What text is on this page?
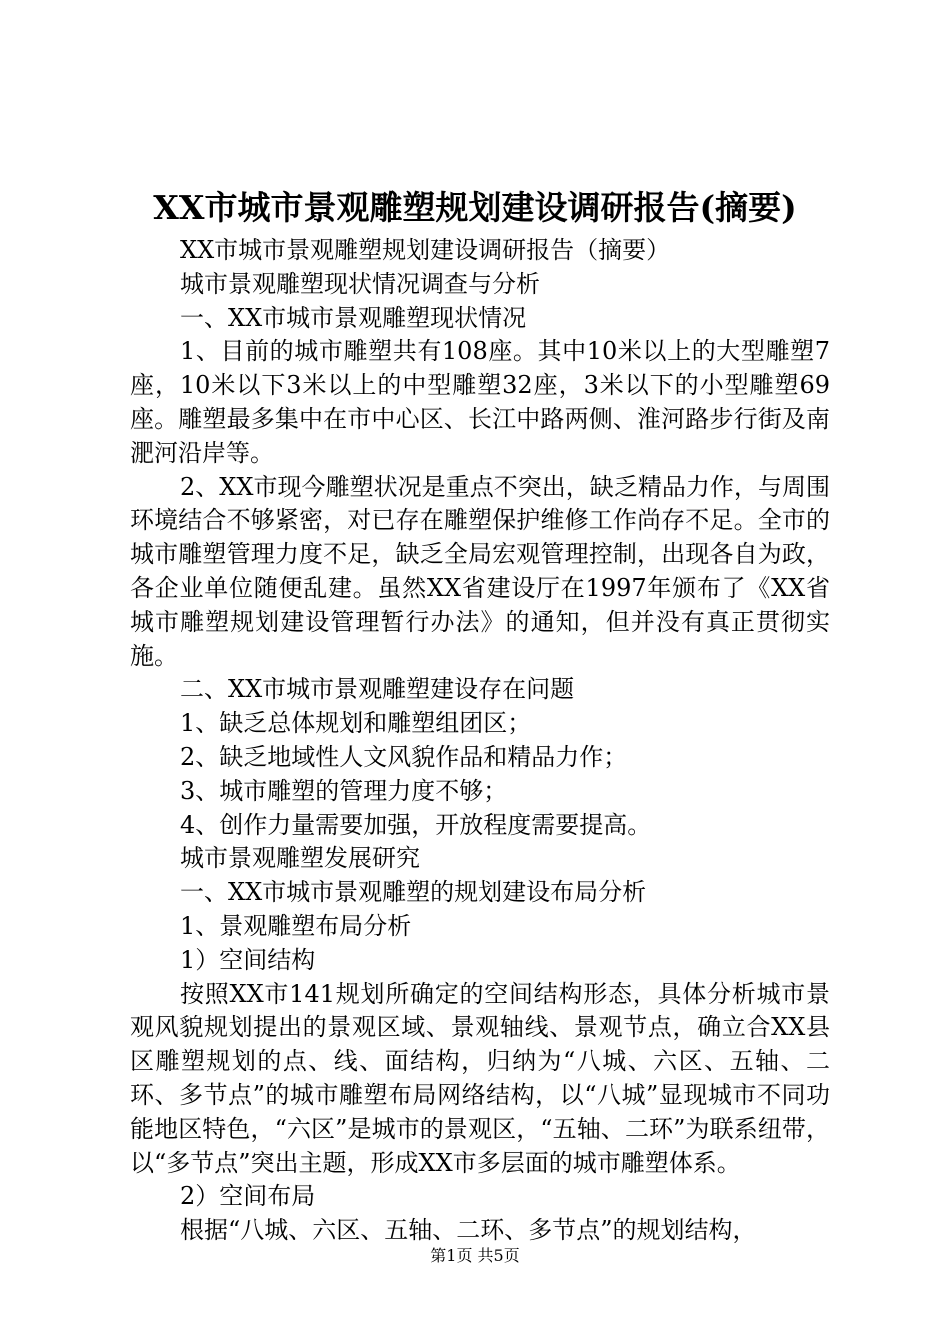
XX市城市景观雕塑规划建设调研报告(摘要)

XX市城市景观雕塑规划建设调研报告（摘要）

城市景观雕塑现状情况调查与分析

一、XX市城市景观雕塑现状情况

1、目前的城市雕塑共有108座。其中10米以上的大型雕塑7座，10米以下3米以上的中型雕塑32座，3米以下的小型雕塑69座。雕塑最多集中在市中心区、长江中路两侧、淮河路步行街及南淝河沿岸等。

2、XX市现今雕塑状况是重点不突出，缺乏精品力作，与周围环境结合不够紧密，对已存在雕塑保护维修工作尚存不足。全市的城市雕塑管理力度不足，缺乏全局宏观管理控制，出现各自为政，各企业单位随便乱建。虽然XX省建设厅在1997年颁布了《XX省城市雕塑规划建设管理暂行办法》的通知，但并没有真正贯彻实施。

二、XX市城市景观雕塑建设存在问题

1、缺乏总体规划和雕塑组团区；

2、缺乏地域性人文风貌作品和精品力作；

3、城市雕塑的管理力度不够；

4、创作力量需要加强，开放程度需要提高。

城市景观雕塑发展研究

一、XX市城市景观雕塑的规划建设布局分析

1、景观雕塑布局分析

1）空间结构

按照XX市141规划所确定的空间结构形态，具体分析城市景观风貌规划提出的景观区域、景观轴线、景观节点，确立合XX县区雕塑规划的点、线、面结构，归纳为“八城、六区、五轴、二环、多节点”的城市雕塑布局网络结构，以“八城”显现城市不同功能地区特色，“六区”是城市的景观区，“五轴、二环”为联系纽带，以“多节点”突出主题，形成XX市多层面的城市雕塑体系。

2）空间布局

根据“八城、六区、五轴、二环、多节点”的规划结构，

第1页 共5页
